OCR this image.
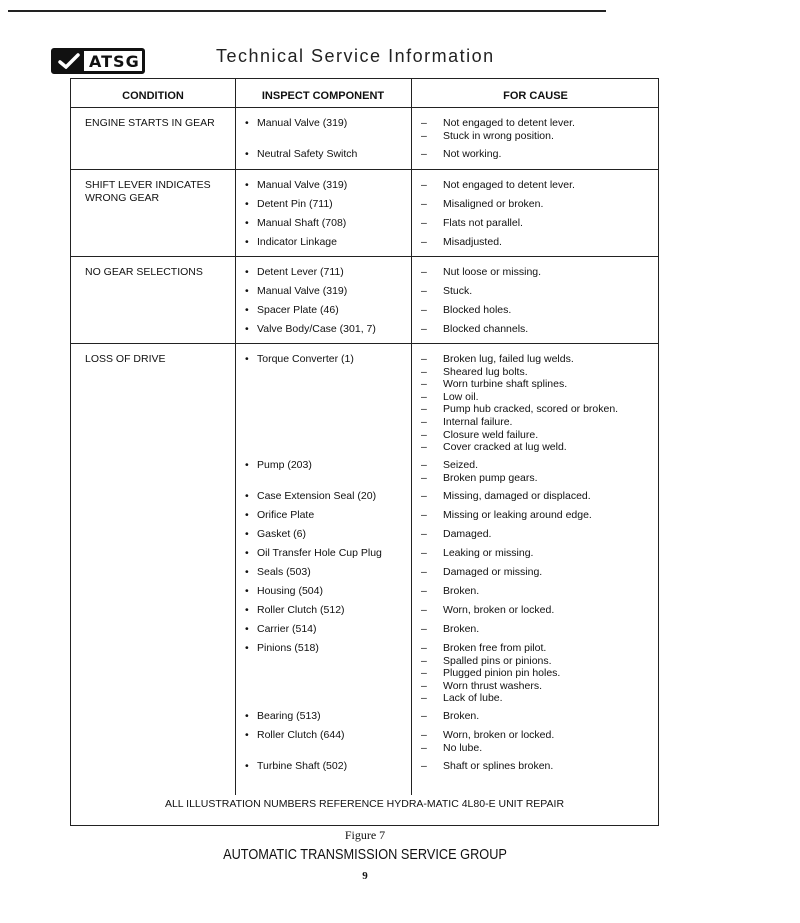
ATSG	Technical Service Information
CONDITION	INSPECT COMPONENT	FOR CAUSE
ENGINE STARTS IN GEAR	• Manual Valve (319)	– Not engaged to detent lever.
– Stuck in wrong position.
• Neutral Safety Switch	– Not working.
SHIFT LEVER INDICATES
WRONG GEAR
• Manual Valve (319)	– Not engaged to detent lever.
• Detent Pin (711)	– Misaligned or broken.
• Manual Shaft (708)	– Flats not parallel.
• Indicator Linkage	– Misadjusted.
NO GEAR SELECTIONS	• Detent Lever (711)	– Nut loose or missing.
• Manual Valve (319)	– Stuck.
• Spacer Plate (46)	– Blocked holes.
• Valve Body/Case (301, 7)	– Blocked channels.
LOSS OF DRIVE	• Torque Converter (1)	– Broken lug, failed lug welds.
– Sheared lug bolts.
– Worn turbine shaft splines.
– Low oil.
– Pump hub cracked, scored or broken.
– Internal failure.
– Closure weld failure.
– Cover cracked at lug weld.
• Pump (203)	– Seized.
– Broken pump gears.
• Case Extension Seal (20)	– Missing, damaged or displaced.
• Orifice Plate	– Missing or leaking around edge.
• Gasket (6)	– Damaged.
• Oil Transfer Hole Cup Plug	– Leaking or missing.
• Seals (503)	– Damaged or missing.
• Housing (504)	– Broken.
• Roller Clutch (512)	– Worn, broken or locked.
• Carrier (514)	– Broken.
• Pinions (518)	– Broken free from pilot.
– Spalled pins or pinions.
– Plugged pinion pin holes.
– Worn thrust washers.
– Lack of lube.
• Bearing (513)	– Broken.
• Roller Clutch (644)	– Worn, broken or locked.
– No lube.
• Turbine Shaft (502)	– Shaft or splines broken.
ALL ILLUSTRATION NUMBERS REFERENCE HYDRA-MATIC 4L80-E UNIT REPAIR
Figure 7
AUTOMATIC TRANSMISSION SERVICE GROUP
9
